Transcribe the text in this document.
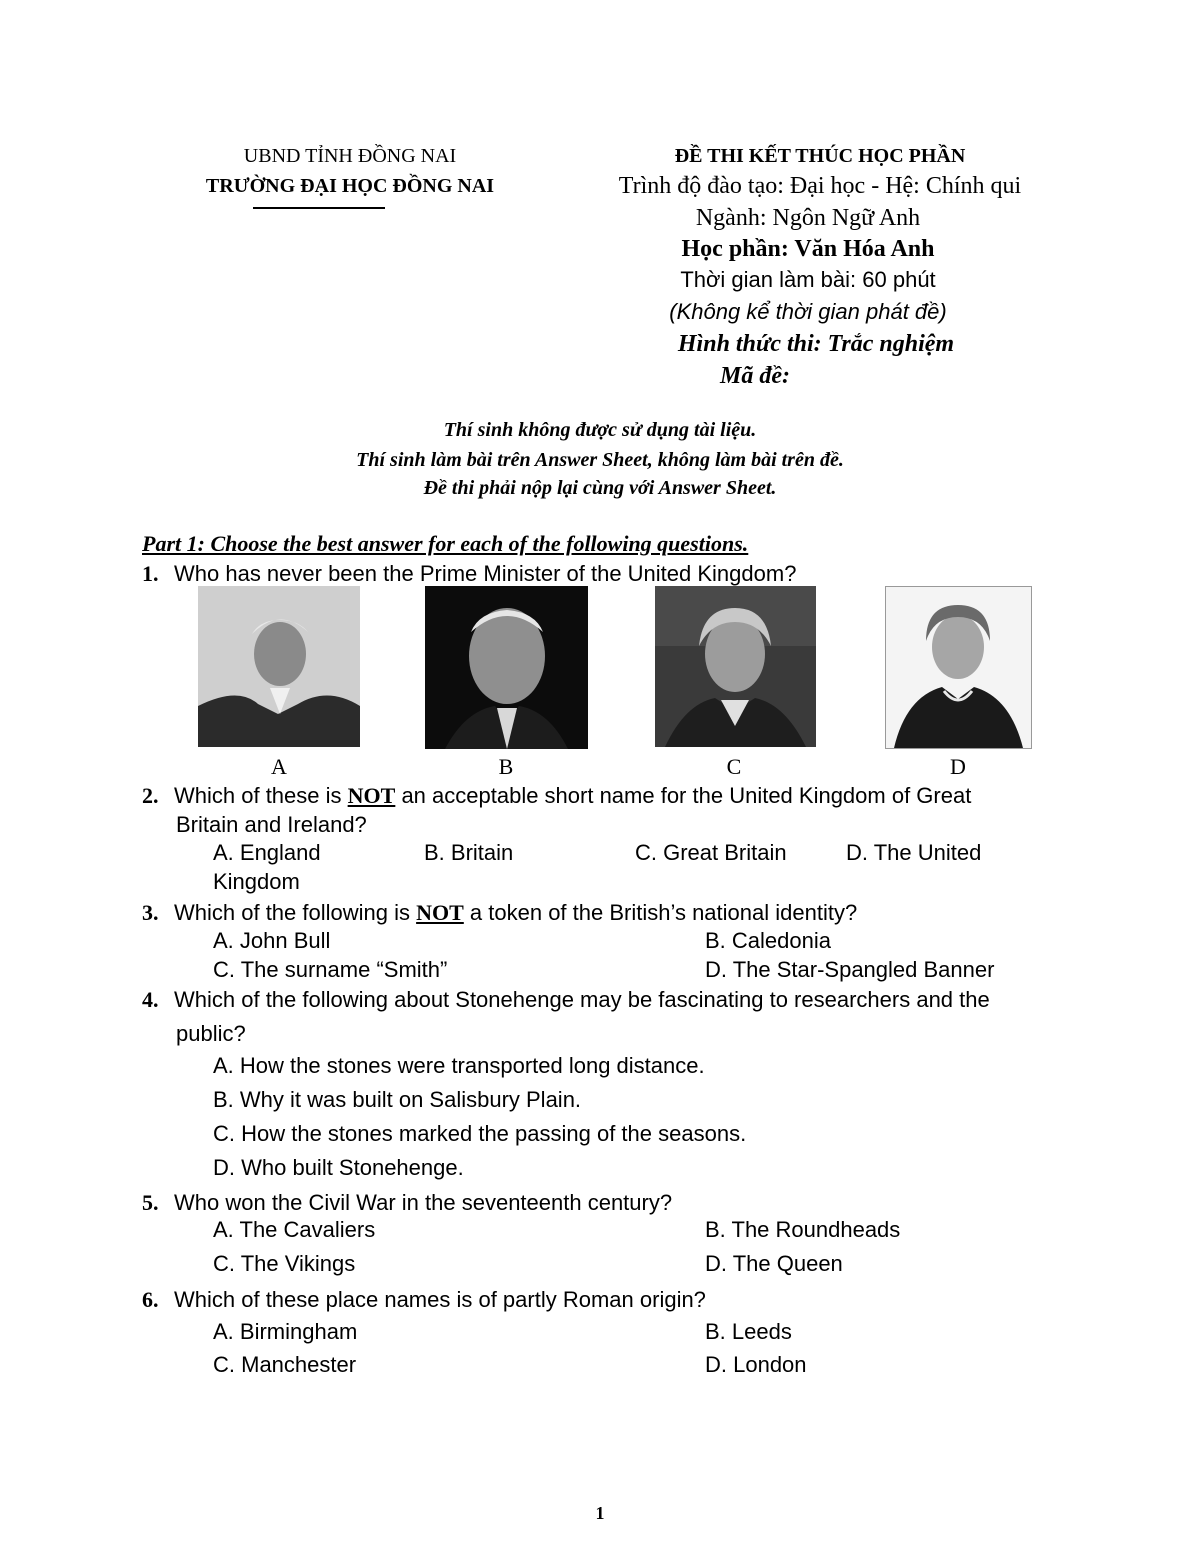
UBND TỈNH ĐỒNG NAI
TRƯỜNG ĐẠI HỌC ĐỒNG NAI
ĐỀ THI KẾT THÚC HỌC PHẦN
Trình độ đào tạo: Đại học - Hệ: Chính qui
Ngành: Ngôn Ngữ Anh
Học phần: Văn Hóa Anh
Thời gian làm bài: 60 phút
(Không kể thời gian phát đề)
Hình thức thi: Trắc nghiệm
Mã đề:
Thí sinh không được sử dụng tài liệu.
Thí sinh làm bài trên Answer Sheet, không làm bài trên đề.
Đề thi phải nộp lại cùng với Answer Sheet.
Part 1: Choose the best answer for each of the following questions.
1. Who has never been the Prime Minister of the United Kingdom?
A	B	C	D
2. Which of these is NOT an acceptable short name for the United Kingdom of Great
Britain and Ireland?
A. England	B. Britain	C. Great Britain	D. The United
Kingdom
3. Which of the following is NOT a token of the British’s national identity?
A. John Bull	B. Caledonia
C. The surname “Smith”	D. The Star-Spangled Banner
4. Which of the following about Stonehenge may be fascinating to researchers and the
public?
A. How the stones were transported long distance.
B. Why it was built on Salisbury Plain.
C. How the stones marked the passing of the seasons.
D. Who built Stonehenge.
5. Who won the Civil War in the seventeenth century?
A. The Cavaliers	B. The Roundheads
C. The Vikings	D. The Queen
6. Which of these place names is of partly Roman origin?
A. Birmingham	B. Leeds
C. Manchester	D. London
1
